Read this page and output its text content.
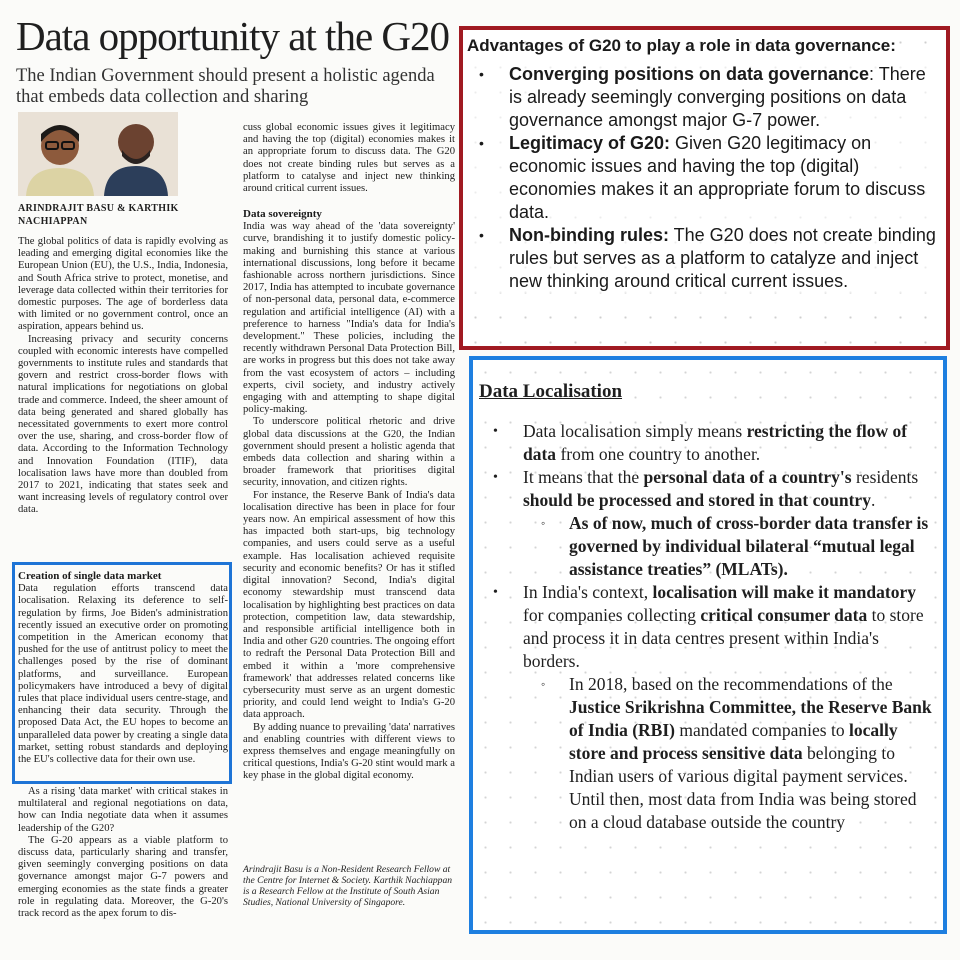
Data opportunity at the G20
The Indian Government should present a holistic agenda that embeds data collection and sharing
ARINDRAJIT BASU & KARTHIK
NACHIAPPAN

The global politics of data is rapidly evolving as leading and emerging digital economies like the European Union (EU), the U.S., India, Indonesia, and South Africa strive to protect, monetise, and leverage data collected within their territories for domestic purposes. The age of borderless data with limited or no government control, once an aspiration, appears behind us.

Increasing privacy and security concerns coupled with economic interests have compelled governments to institute rules and standards that govern and restrict cross-border flows with natural implications for negotiations on global trade and commerce. Indeed, the sheer amount of data being generated and shared globally has necessitated governments to exert more control over the use, sharing, and cross-border flow of data. According to the Information Technology and Innovation Foundation (ITIF), data localisation laws have more than doubled from 2017 to 2021, indicating that states seek and want increasing levels of regulatory control over data.

Creation of single data market

Data regulation efforts transcend data localisation. Relaxing its deference to self-regulation by firms, Joe Biden's administration recently issued an executive order on promoting competition in the American economy that pushed for the use of antitrust policy to meet the challenges posed by the rise of dominant platforms, and surveillance. European policymakers have introduced a bevy of digital rules that place individual users centre-stage, and enhancing their data security. Through the proposed Data Act, the EU hopes to become an unparalleled data power by creating a single data market, setting robust standards and deploying the EU's collective data for their own use.

As a rising 'data market' with critical stakes in multilateral and regional negotiations on data, how can India negotiate data when it assumes leadership of the G20?

The G-20 appears as a viable platform to discuss data, particularly sharing and transfer, given seemingly converging positions on data governance amongst major G-7 powers and emerging economies as the state finds a greater role in regulating data. Moreover, the G-20's track record as the apex forum to dis-

cuss global economic issues gives it legitimacy and having the top (digital) economies makes it an appropriate forum to discuss data. The G20 does not create binding rules but serves as a platform to catalyse and inject new thinking around critical current issues.

Data sovereignty

India was way ahead of the 'data sovereignty' curve, brandishing it to justify domestic policy-making and burnishing this stance at various international discussions, long before it became fashionable across northern jurisdictions. Since 2017, India has attempted to incubate governance of non-personal data, personal data, e-commerce regulation and artificial intelligence (AI) with a preference to harness "India's data for India's development." These policies, including the recently withdrawn Personal Data Protection Bill, are works in progress but this does not take away from the vast ecosystem of actors – including experts, civil society, and industry actively engaging with and attempting to shape digital policy-making.

To underscore political rhetoric and drive global data discussions at the G20, the Indian government should present a holistic agenda that embeds data collection and sharing within a broader framework that prioritises digital security, innovation, and citizen rights.

For instance, the Reserve Bank of India's data localisation directive has been in place for four years now. An empirical assessment of how this has impacted both start-ups, big technology companies, and users could serve as a useful example. Has localisation achieved requisite security and economic benefits? Or has it stifled digital innovation? Second, India's digital economy stewardship must transcend data localisation by highlighting best practices on data protection, competition law, data stewardship, and responsible artificial intelligence both in India and other G20 countries. The ongoing effort to redraft the Personal Data Protection Bill and embed it within a 'more comprehensive framework' that addresses related concerns like cybersecurity must serve as an urgent domestic priority, and could lend weight to India's G-20 data approach.

By adding nuance to prevailing 'data' narratives and enabling countries with different views to express themselves and engage meaningfully on critical questions, India's G-20 stint would mark a key phase in the global digital economy.

Arindrajit Basu is a Non-Resident Research Fellow at the Centre for Internet & Society. Karthik Nachiappan is a Research Fellow at the Institute of South Asian Studies, National University of Singapore.
Advantages of G20 to play a role in data governance:
• Converging positions on data governance: There is already seemingly converging positions on data governance amongst major G-7 power.
• Legitimacy of G20: Given G20 legitimacy on economic issues and having the top (digital) economies makes it an appropriate forum to discuss data.
• Non-binding rules: The G20 does not create binding rules but serves as a platform to catalyze and inject new thinking around critical current issues.
Data Localisation
• Data localisation simply means restricting the flow of data from one country to another.
• It means that the personal data of a country's residents should be processed and stored in that country.
◦ As of now, much of cross-border data transfer is governed by individual bilateral “mutual legal assistance treaties” (MLATs).
• In India's context, localisation will make it mandatory for companies collecting critical consumer data to store and process it in data centres present within India's borders.
◦ In 2018, based on the recommendations of the Justice Srikrishna Committee, the Reserve Bank of India (RBI) mandated companies to locally store and process sensitive data belonging to Indian users of various digital payment services. Until then, most data from India was being stored on a cloud database outside the country
